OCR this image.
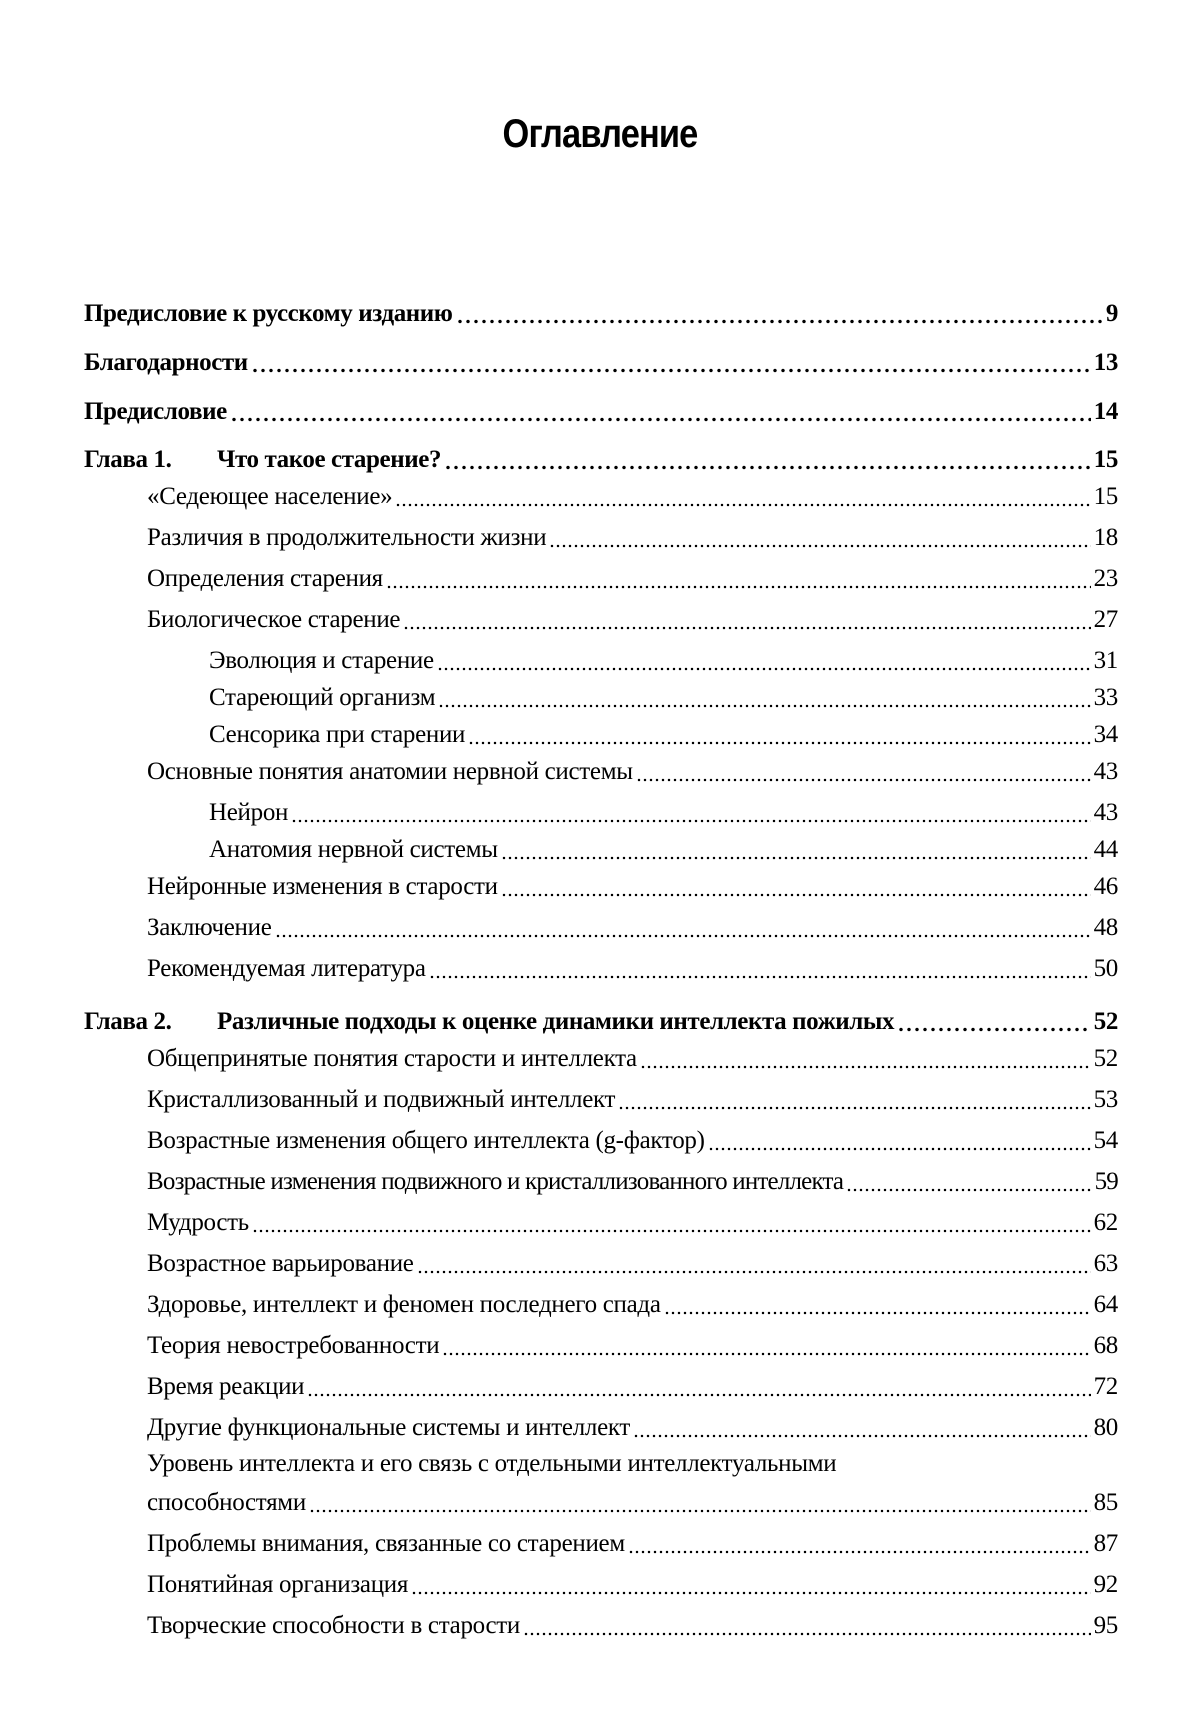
Оглавление
Предисловие к русскому изданию	9
Благодарности	13
Предисловие	14
Глава 1.	Что такое старение?	15
«Седеющее население»	15
Различия в продолжительности жизни	18
Определения старения	23
Биологическое старение	27
Эволюция и старение	31
Стареющий организм	33
Сенсорика при старении	34
Основные понятия анатомии нервной системы	43
Нейрон	43
Анатомия нервной системы	44
Нейронные изменения в старости	46
Заключение	48
Рекомендуемая литература	50
Глава 2.	Различные подходы к оценке динамики интеллекта пожилых	52
Общепринятые понятия старости и интеллекта	52
Кристаллизованный и подвижный интеллект	53
Возрастные изменения общего интеллекта (g-фактор)	54
Возрастные изменения подвижного и кристаллизованного интеллекта	59
Мудрость	62
Возрастное варьирование	63
Здоровье, интеллект и феномен последнего спада	64
Теория невостребованности	68
Время реакции	72
Другие функциональные системы и интеллект	80
Уровень интеллекта и его связь с отдельными интеллектуальными
способностями	85
Проблемы внимания, связанные со старением	87
Понятийная организация	92
Творческие способности в старости	95
